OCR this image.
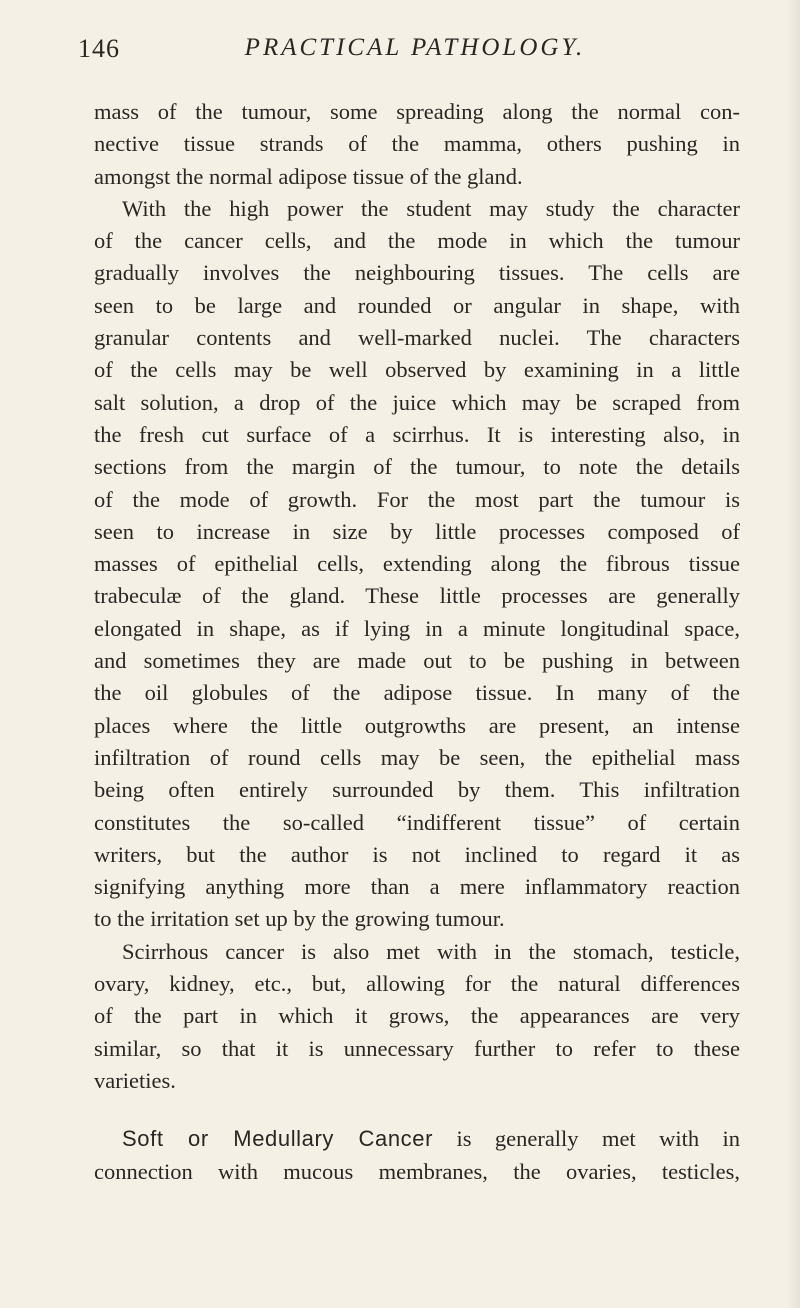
146	PRACTICAL PATHOLOGY.
mass of the tumour, some spreading along the normal con-
nective tissue strands of the mamma, others pushing in
amongst the normal adipose tissue of the gland.
With the high power the student may study the character
of the cancer cells, and the mode in which the tumour
gradually involves the neighbouring tissues. The cells are
seen to be large and rounded or angular in shape, with
granular contents and well-marked nuclei. The characters
of the cells may be well observed by examining in a little
salt solution, a drop of the juice which may be scraped from
the fresh cut surface of a scirrhus. It is interesting also, in
sections from the margin of the tumour, to note the details
of the mode of growth. For the most part the tumour is
seen to increase in size by little processes composed of
masses of epithelial cells, extending along the fibrous tissue
trabeculæ of the gland. These little processes are generally
elongated in shape, as if lying in a minute longitudinal space,
and sometimes they are made out to be pushing in between
the oil globules of the adipose tissue. In many of the
places where the little outgrowths are present, an intense
infiltration of round cells may be seen, the epithelial mass
being often entirely surrounded by them. This infiltration
constitutes the so-called “indifferent tissue” of certain
writers, but the author is not inclined to regard it as
signifying anything more than a mere inflammatory reaction
to the irritation set up by the growing tumour.
Scirrhous cancer is also met with in the stomach, testicle,
ovary, kidney, etc., but, allowing for the natural differences
of the part in which it grows, the appearances are very
similar, so that it is unnecessary further to refer to these
varieties.
Soft or Medullary Cancer is generally met with in
connection with mucous membranes, the ovaries, testicles,
